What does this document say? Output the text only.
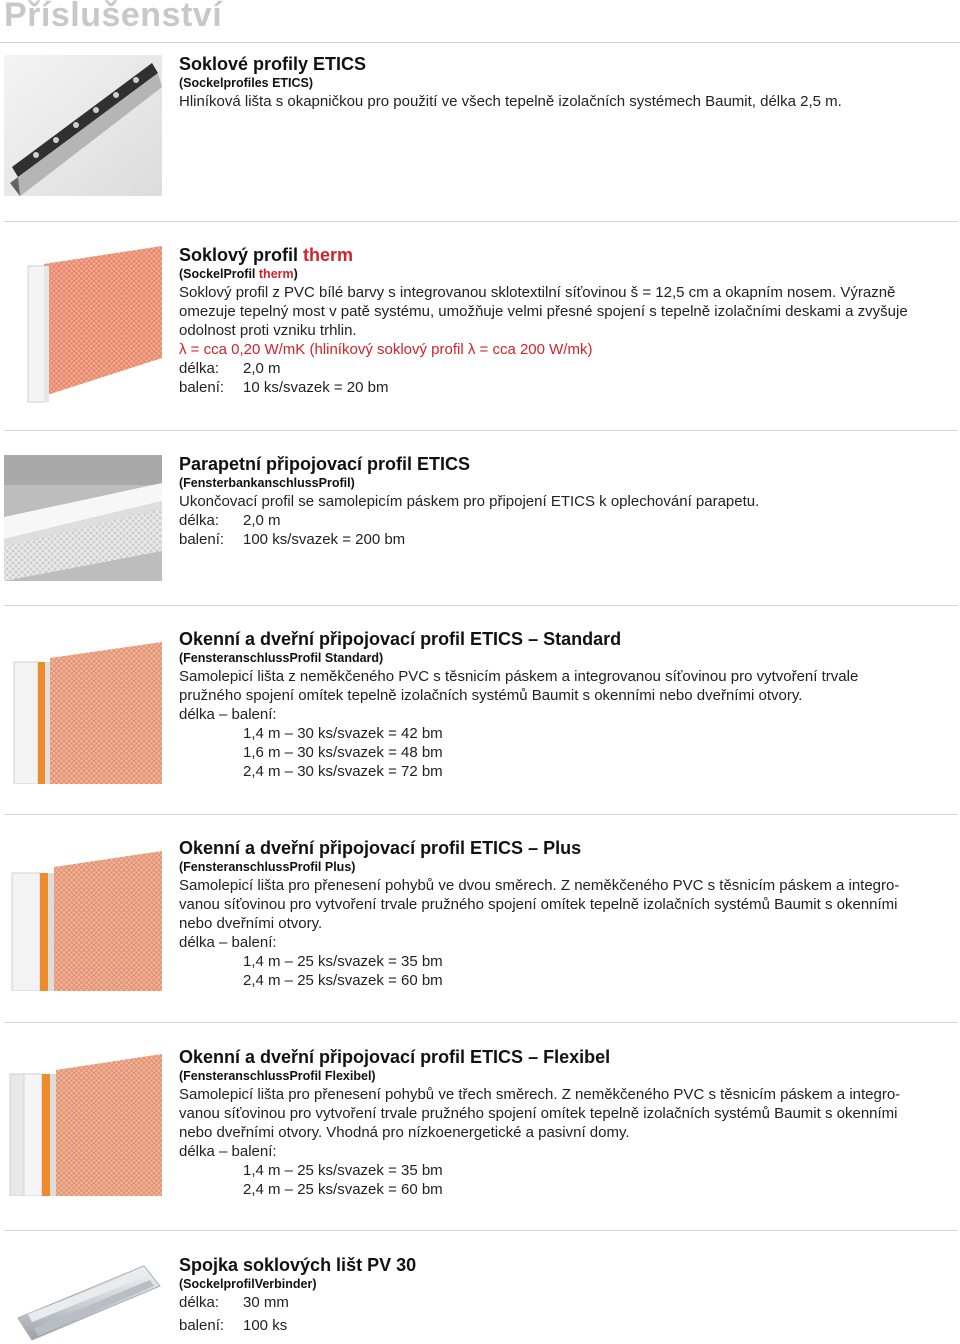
Příslušenství
Soklové profily ETICS
(Sockelprofiles ETICS)
Hliníková lišta s okapničkou pro použití ve všech tepelně izolačních systémech Baumit, délka 2,5 m.
Soklový profil therm
(SockelProfil therm)
Soklový profil z PVC bílé barvy s integrovanou sklotextilní síťovinou š = 12,5 cm a okapním nosem. Výrazně
omezuje tepelný most v patě systému, umožňuje velmi přesné spojení s tepelně izolačními deskami a zvyšuje
odolnost proti vzniku trhlin.
λ = cca 0,20 W/mK (hliníkový soklový profil λ = cca 200 W/mk)
délka: 2,0 m
balení: 10 ks/svazek = 20 bm
Parapetní připojovací profil ETICS
(FensterbankanschlussProfil)
Ukončovací profil se samolepicím páskem pro připojení ETICS k oplechování parapetu.
délka: 2,0 m
balení: 100 ks/svazek = 200 bm
Okenní a dveřní připojovací profil ETICS – Standard
(FensteranschlussProfil Standard)
Samolepicí lišta z neměkčeného PVC s těsnicím páskem a integrovanou síťovinou pro vytvoření trvale
pružného spojení omítek tepelně izolačních systémů Baumit s okenními nebo dveřními otvory.
délka – balení:
1,4 m – 30 ks/svazek = 42 bm
1,6 m – 30 ks/svazek = 48 bm
2,4 m – 30 ks/svazek = 72 bm
Okenní a dveřní připojovací profil ETICS – Plus
(FensteranschlussProfil Plus)
Samolepicí lišta pro přenesení pohybů ve dvou směrech. Z neměkčeného PVC s těsnicím páskem a integro-
vanou síťovinou pro vytvoření trvale pružného spojení omítek tepelně izolačních systémů Baumit s okenními
nebo dveřními otvory.
délka – balení:
1,4 m – 25 ks/svazek = 35 bm
2,4 m – 25 ks/svazek = 60 bm
Okenní a dveřní připojovací profil ETICS – Flexibel
(FensteranschlussProfil Flexibel)
Samolepicí lišta pro přenesení pohybů ve třech směrech. Z neměkčeného PVC s těsnicím páskem a integro-
vanou síťovinou pro vytvoření trvale pružného spojení omítek tepelně izolačních systémů Baumit s okenními
nebo dveřními otvory. Vhodná pro nízkoenergetické a pasivní domy.
délka – balení:
1,4 m – 25 ks/svazek = 35 bm
2,4 m – 25 ks/svazek = 60 bm
Spojka soklových lišt PV 30
(SockelprofilVerbinder)
délka: 30 mm
balení: 100 ks
